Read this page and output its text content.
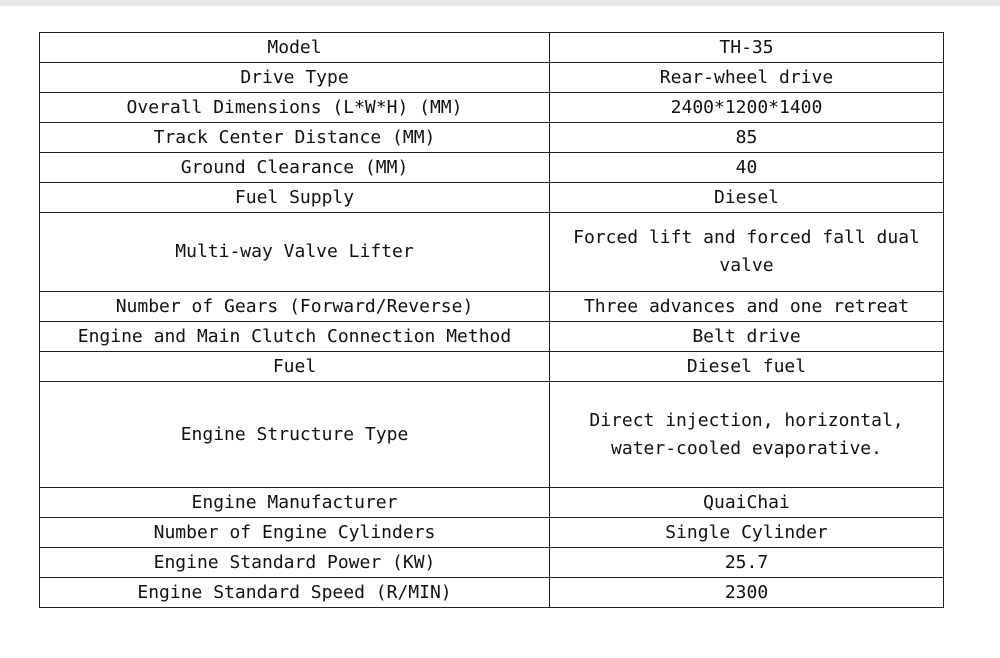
Model	TH-35
Drive Type	Rear-wheel drive
Overall Dimensions (L*W*H) (MM)	2400*1200*1400
Track Center Distance (MM)	85
Ground Clearance (MM)	40
Fuel Supply	Diesel
Multi-way Valve Lifter	Forced lift and forced fall dual valve
Number of Gears (Forward/Reverse)	Three advances and one retreat
Engine and Main Clutch Connection Method	Belt drive
Fuel	Diesel fuel
Engine Structure Type	Direct injection, horizontal, water-cooled evaporative.
Engine Manufacturer	QuaiChai
Number of Engine Cylinders	Single Cylinder
Engine Standard Power (KW)	25.7
Engine Standard Speed (R/MIN)	2300
